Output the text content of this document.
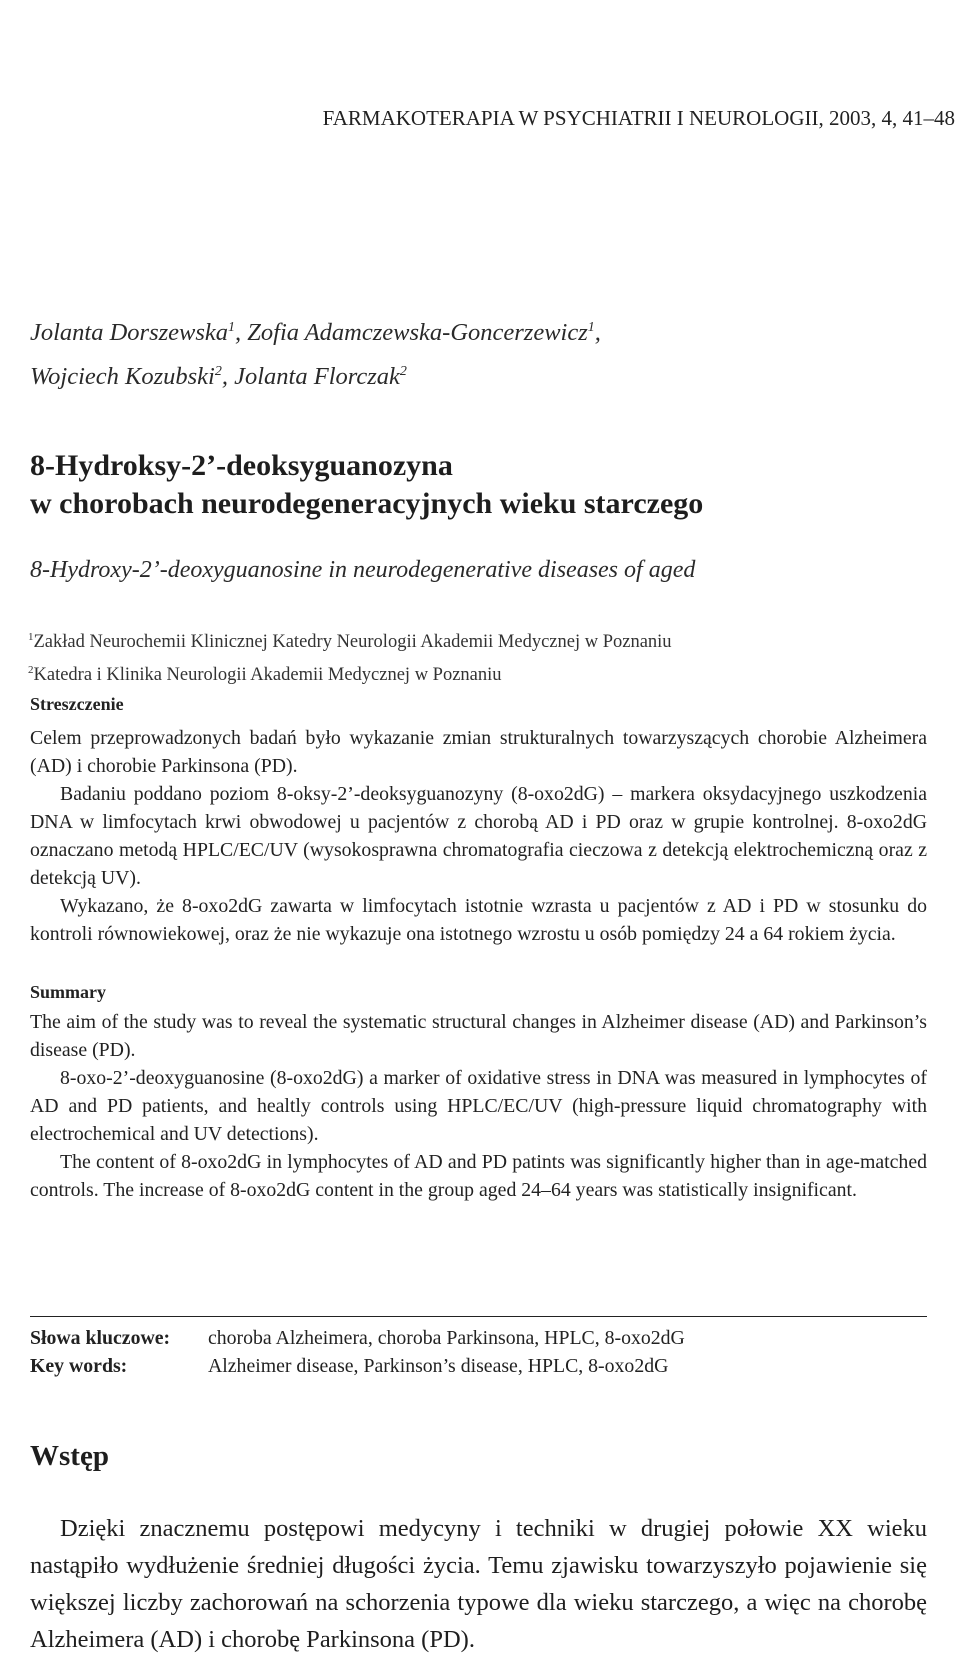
FARMAKOTERAPIA W PSYCHIATRII I NEUROLOGII, 2003, 4, 41–48
Jolanta Dorszewska$^1$, Zofia Adamczewska-Goncerzewicz$^1$,
Wojciech Kozubski$^2$, Jolanta Florczak$^2$
8-Hydroksy-2’-deoksyguanozyna
w chorobach neurodegeneracyjnych wieku starczego
8-Hydroxy-2’-deoxyguanosine in neurodegenerative diseases of aged
$^1$Zakład Neurochemii Klinicznej Katedry Neurologii Akademii Medycznej w Poznaniu
$^2$Katedra i Klinika Neurologii Akademii Medycznej w Poznaniu
Streszczenie

Celem przeprowadzonych badań było wykazanie zmian strukturalnych towarzyszących chorobie Alzheimera (AD) i chorobie Parkinsona (PD).

Badaniu poddano poziom 8-oksy-2’-deoksyguanozyny (8-oxo2dG) – markera oksydacyjnego uszkodzenia DNA w limfocytach krwi obwodowej u pacjentów z chorobą AD i PD oraz w grupie kontrolnej. 8-oxo2dG oznaczano metodą HPLC/EC/UV (wysokosprawna chromatografia cieczowa z detekcją elektrochemiczną oraz z detekcją UV).

Wykazano, że 8-oxo2dG zawarta w limfocytach istotnie wzrasta u pacjentów z AD i PD w stosunku do kontroli równowiekowej, oraz że nie wykazuje ona istotnego wzrostu u osób pomiędzy 24 a 64 rokiem życia.

Summary

The aim of the study was to reveal the systematic structural changes in Alzheimer disease (AD) and Parkinson’s disease (PD).

8-oxo-2’-deoxyguanosine (8-oxo2dG) a marker of oxidative stress in DNA was measured in lymphocytes of AD and PD patients, and healtly controls using HPLC/EC/UV (high-pressure liquid chromatography with electrochemical and UV detections).

The content of 8-oxo2dG in lymphocytes of AD and PD patints was significantly higher than in age-matched controls. The increase of 8-oxo2dG content in the group aged 24–64 years was statistically insignificant.

Słowa kluczowe: choroba Alzheimera, choroba Parkinsona, HPLC, 8-oxo2dG
Key words:	Alzheimer disease, Parkinson’s disease, HPLC, 8-oxo2dG
Wstęp

Dzięki znacznemu postępowi medycyny i techniki w drugiej połowie XX wieku nastąpiło wydłużenie średniej długości życia. Temu zjawisku towarzyszyło pojawienie się większej liczby zachorowań na schorzenia typowe dla wieku starczego, a więc na chorobę Alzheimera (AD) i chorobę Parkinsona (PD).
